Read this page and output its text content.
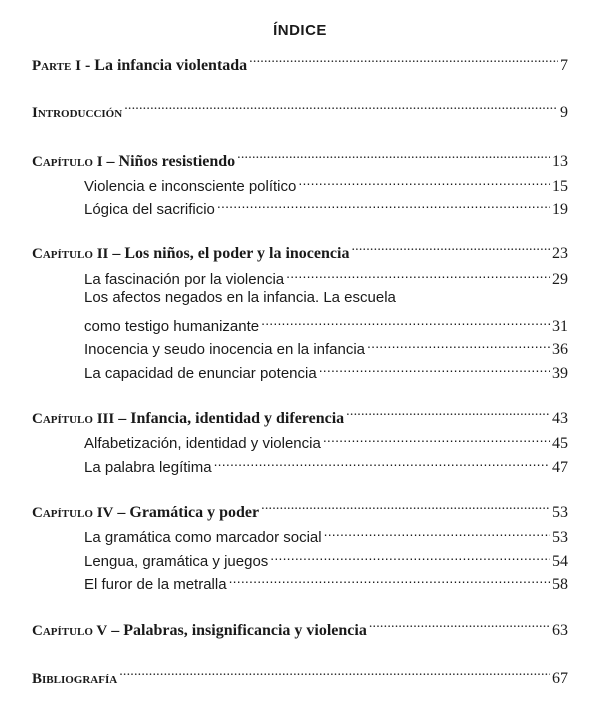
ÍNDICE
Parte I - La infancia violentada .....	7
Introducción .....	9
Capítulo I – Niños resistiendo .....	13
Violencia e inconsciente político .....	15
Lógica del sacrificio .....	19
Capítulo II – Los niños, el poder y la inocencia .....	23
La fascinación por la violencia .....	29
Los afectos negados en la infancia. La escuela
como testigo humanizante .....	31
Inocencia y seudo inocencia en la infancia .....	36
La capacidad de enunciar potencia .....	39
Capítulo III – Infancia, identidad y diferencia .....	43
Alfabetización, identidad y violencia .....	45
La palabra legítima .....	47
Capítulo IV – Gramática y poder .....	53
La gramática como marcador social .....	53
Lengua, gramática y juegos .....	54
El furor de la metralla .....	58
Capítulo V – Palabras, insignificancia y violencia .....	63
Bibliografía .....	67
